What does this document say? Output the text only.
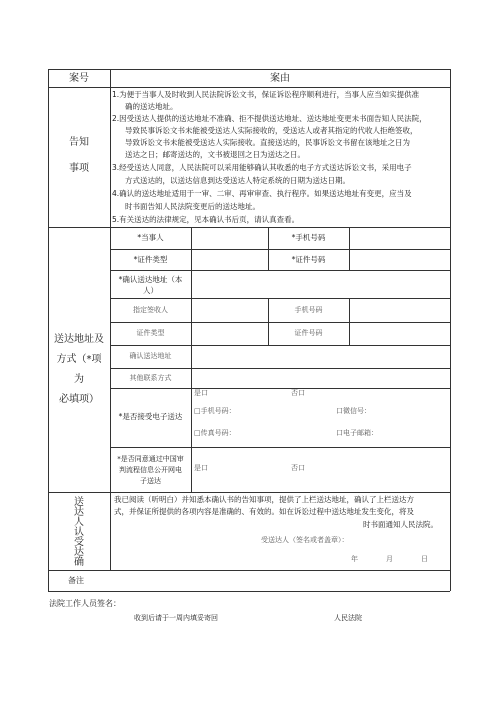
案号	案由
告知
事项
1.为便于当事人及时收到人民法院诉讼文书，保证诉讼程序顺利进行，当事人应当如实提供准
确的送达地址。
2.因受送达人提供的送达地址不准确、拒不提供送达地址、送达地址变更未书面告知人民法院，
导致民事诉讼文书未能被受送达人实际接收的，受送达人或者其指定的代收人拒绝签收，
导致诉讼文书未能被受送达人实际接收。直接送达的，民事诉讼文书留在该地址之日为
送达之日；邮寄送达的，文书被退回之日为送达之日。
3.经受送达人同意，人民法院可以采用能够确认其收悉的电子方式送达诉讼文书，采用电子
方式送达的，以送达信息到达受送达人特定系统的日期为送达日期。
4.确认的送达地址适用于一审、二审、再审审查、执行程序。如果送达地址有变更，应当及
时书面告知人民法院变更后的送达地址。
5.有关送达的法律规定，见本确认书后页，请认真查看。
送达地址及
方式（*项
为
必填项）
*当事人	*手机号码
*证件类型	*证件号码
*确认送达地址（本
人）
指定签收人	手机号码
证件类型	证件号码
确认送达地址
其他联系方式
*是否接受电子送达
是口	否口
□手机号码：	口微信号：
□传真号码：	口电子邮箱：
*是否同意通过中国审
判流程信息公开网电
子送达
是口	否口
送
达
人
认
受
达
确
我已阅读（听明白）并知悉本确认书的告知事项，提供了上栏送达地址，确认了上栏送达方
式，并保证所提供的各项内容是准确的、有效的。如在诉讼过程中送达地址发生变化，将及
时书面通知人民法院。
受送达人（签名或者盖章）：
年	月	日
备注
法院工作人员签名：
收到后请于一周内填妥寄回	人民法院
